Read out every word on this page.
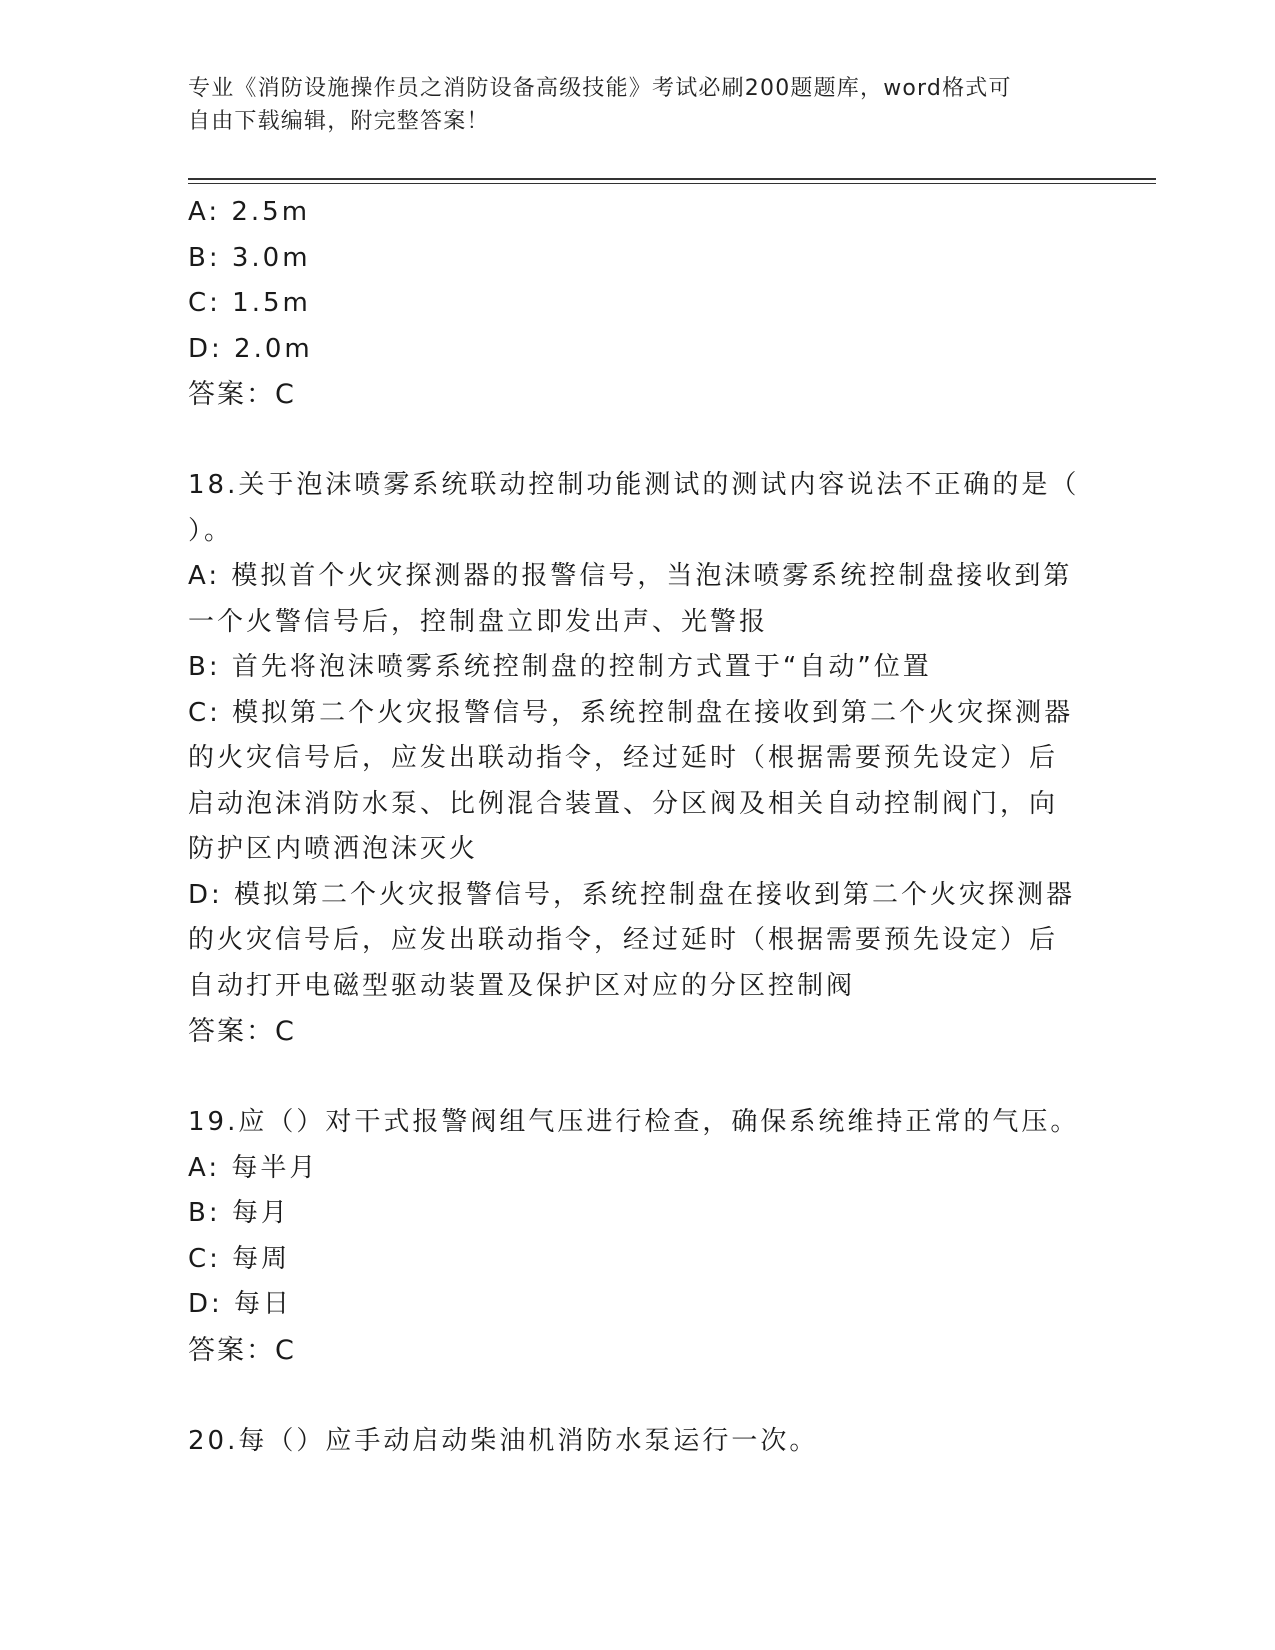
专业《消防设施操作员之消防设备高级技能》考试必刷200题题库，word格式可
自由下载编辑，附完整答案！
A: 2.5m
B: 3.0m
C: 1.5m
D: 2.0m
答案：C
18.关于泡沫喷雾系统联动控制功能测试的测试内容说法不正确的是（
）。
A: 模拟首个火灾探测器的报警信号，当泡沫喷雾系统控制盘接收到第
一个火警信号后，控制盘立即发出声、光警报
B: 首先将泡沫喷雾系统控制盘的控制方式置于“自动”位置
C: 模拟第二个火灾报警信号，系统控制盘在接收到第二个火灾探测器
的火灾信号后，应发出联动指令，经过延时（根据需要预先设定）后
启动泡沫消防水泵、比例混合装置、分区阀及相关自动控制阀门，向
防护区内喷洒泡沫灭火
D: 模拟第二个火灾报警信号，系统控制盘在接收到第二个火灾探测器
的火灾信号后，应发出联动指令，经过延时（根据需要预先设定）后
自动打开电磁型驱动装置及保护区对应的分区控制阀
答案：C
19.应（）对干式报警阀组气压进行检查，确保系统维持正常的气压。
A: 每半月
B: 每月
C: 每周
D: 每日
答案：C
20.每（）应手动启动柴油机消防水泵运行一次。
